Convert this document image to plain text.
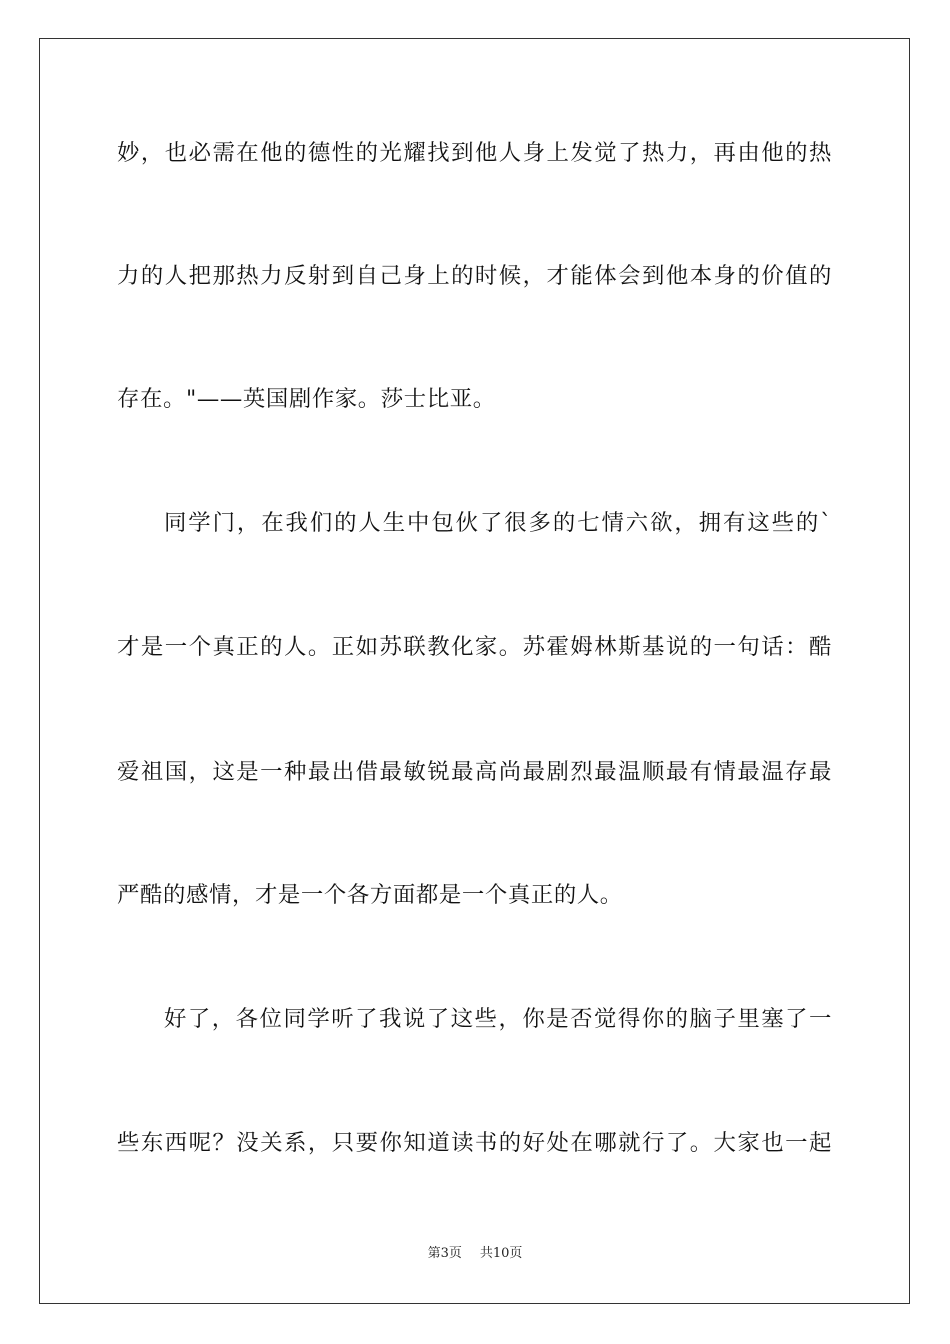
妙，也必需在他的德性的光耀找到他人身上发觉了热力，再由他的热
力的人把那热力反射到自己身上的时候，才能体会到他本身的价值的
存在。"——英国剧作家。莎士比亚。
同学门，在我们的人生中包伙了很多的七情六欲，拥有这些的`
才是一个真正的人。正如苏联教化家。苏霍姆林斯基说的一句话：酷
爱祖国，这是一种最出借最敏锐最高尚最剧烈最温顺最有情最温存最
严酷的感情，才是一个各方面都是一个真正的人。
好了，各位同学听了我说了这些，你是否觉得你的脑子里塞了一
些东西呢？没关系，只要你知道读书的好处在哪就行了。大家也一起
第3页 共10页
